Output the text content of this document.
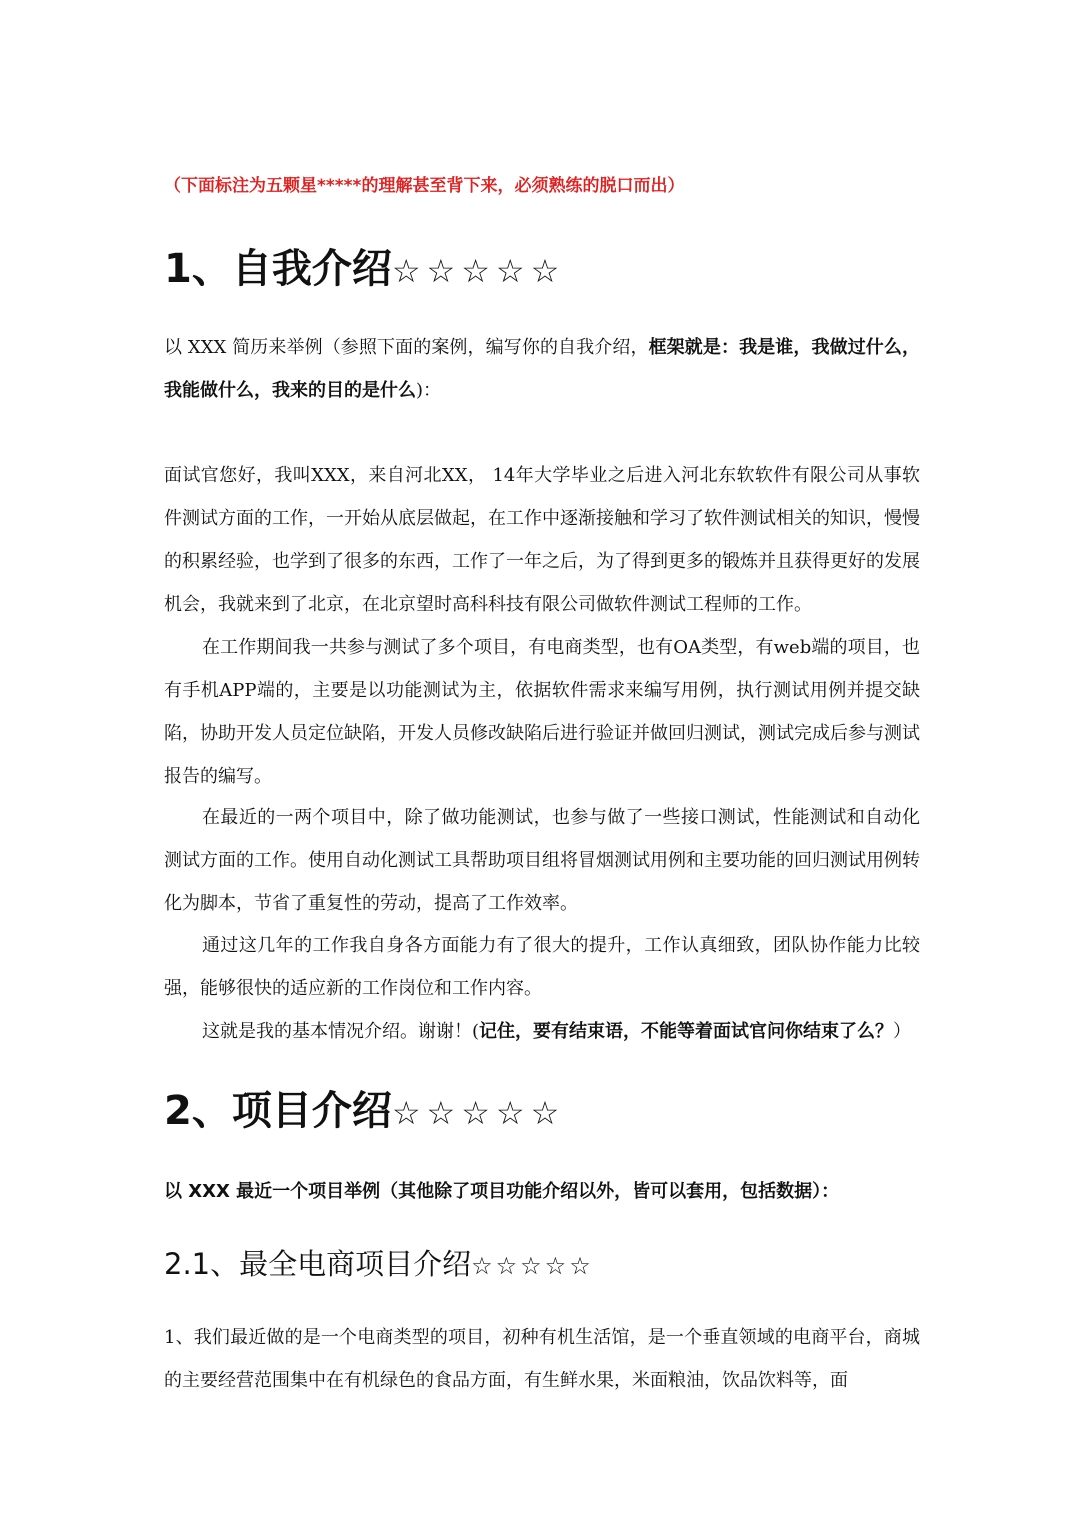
（下面标注为五颗星*****的理解甚至背下来，必须熟练的脱口而出）
1、自我介绍☆☆☆☆☆
以 XXX 简历来举例（参照下面的案例，编写你的自我介绍，框架就是：我是谁，我做过什么，我能做什么，我来的目的是什么)：
面试官您好，我叫XXX，来自河北XX， 14年大学毕业之后进入河北东软软件有限公司从事软件测试方面的工作，一开始从底层做起，在工作中逐渐接触和学习了软件测试相关的知识，慢慢的积累经验，也学到了很多的东西，工作了一年之后，为了得到更多的锻炼并且获得更好的发展机会，我就来到了北京，在北京望时高科科技有限公司做软件测试工程师的工作。
在工作期间我一共参与测试了多个项目，有电商类型，也有OA类型，有web端的项目，也有手机APP端的，主要是以功能测试为主，依据软件需求来编写用例，执行测试用例并提交缺陷，协助开发人员定位缺陷，开发人员修改缺陷后进行验证并做回归测试，测试完成后参与测试报告的编写。
在最近的一两个项目中，除了做功能测试，也参与做了一些接口测试，性能测试和自动化测试方面的工作。使用自动化测试工具帮助项目组将冒烟测试用例和主要功能的回归测试用例转化为脚本，节省了重复性的劳动，提高了工作效率。
通过这几年的工作我自身各方面能力有了很大的提升，工作认真细致，团队协作能力比较强，能够很快的适应新的工作岗位和工作内容。
这就是我的基本情况介绍。谢谢！(记住，要有结束语，不能等着面试官问你结束了么？）
2、项目介绍☆☆☆☆☆
以 XXX 最近一个项目举例（其他除了项目功能介绍以外，皆可以套用，包括数据）：
2.1、最全电商项目介绍☆☆☆☆☆
1、我们最近做的是一个电商类型的项目，初种有机生活馆，是一个垂直领域的电商平台，商城的主要经营范围集中在有机绿色的食品方面，有生鲜水果，米面粮油，饮品饮料等，面
